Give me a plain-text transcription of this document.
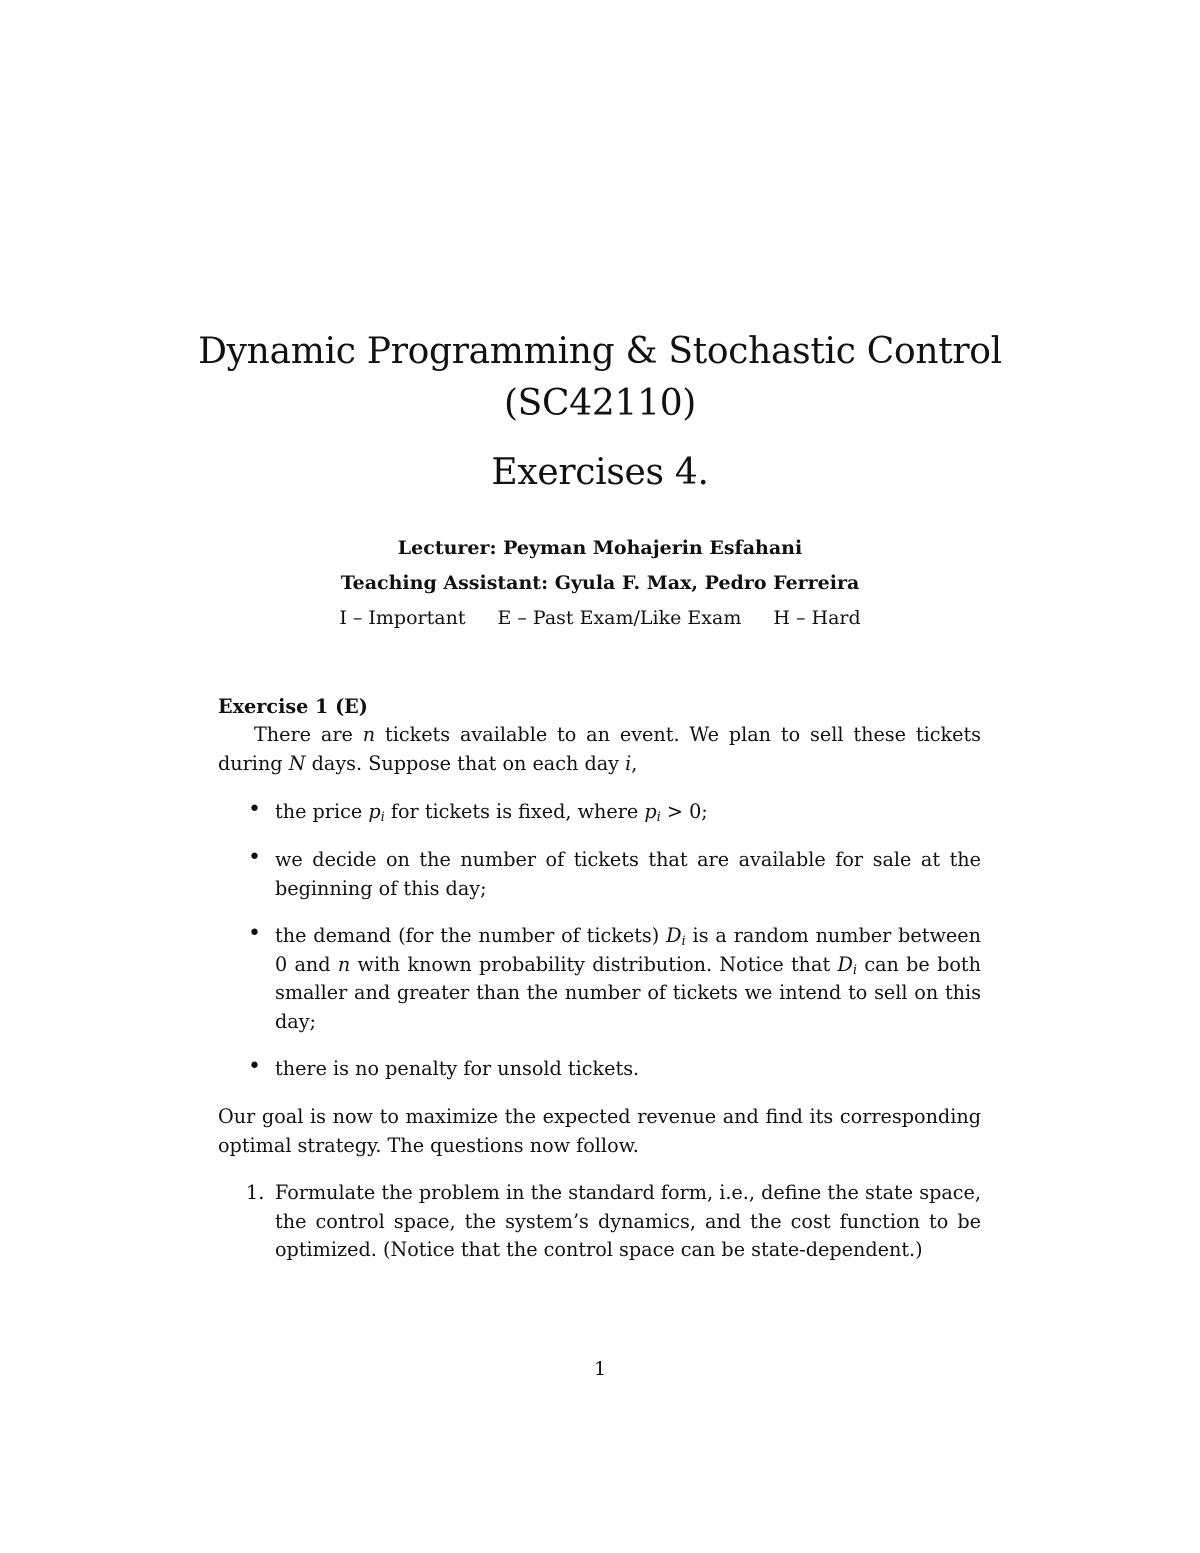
Dynamic Programming & Stochastic Control
(SC42110)
Exercises 4.
Lecturer: Peyman Mohajerin Esfahani
Teaching Assistant: Gyula F. Max, Pedro Ferreira
I – Important E – Past Exam/Like Exam H – Hard
Exercise 1 (E)
There are n tickets available to an event. We plan to sell these tickets during N days. Suppose that on each day i,
• the price $p_i$ for tickets is fixed, where $p_i > 0$;
• we decide on the number of tickets that are available for sale at the beginning of this day;
• the demand (for the number of tickets) $D_i$ is a random number between 0 and n with known probability distribution. Notice that $D_i$ can be both smaller and greater than the number of tickets we intend to sell on this day;
• there is no penalty for unsold tickets.
Our goal is now to maximize the expected revenue and find its corresponding optimal strategy. The questions now follow.
1. Formulate the problem in the standard form, i.e., define the state space, the control space, the system’s dynamics, and the cost function to be optimized. (Notice that the control space can be state-dependent.)
1
